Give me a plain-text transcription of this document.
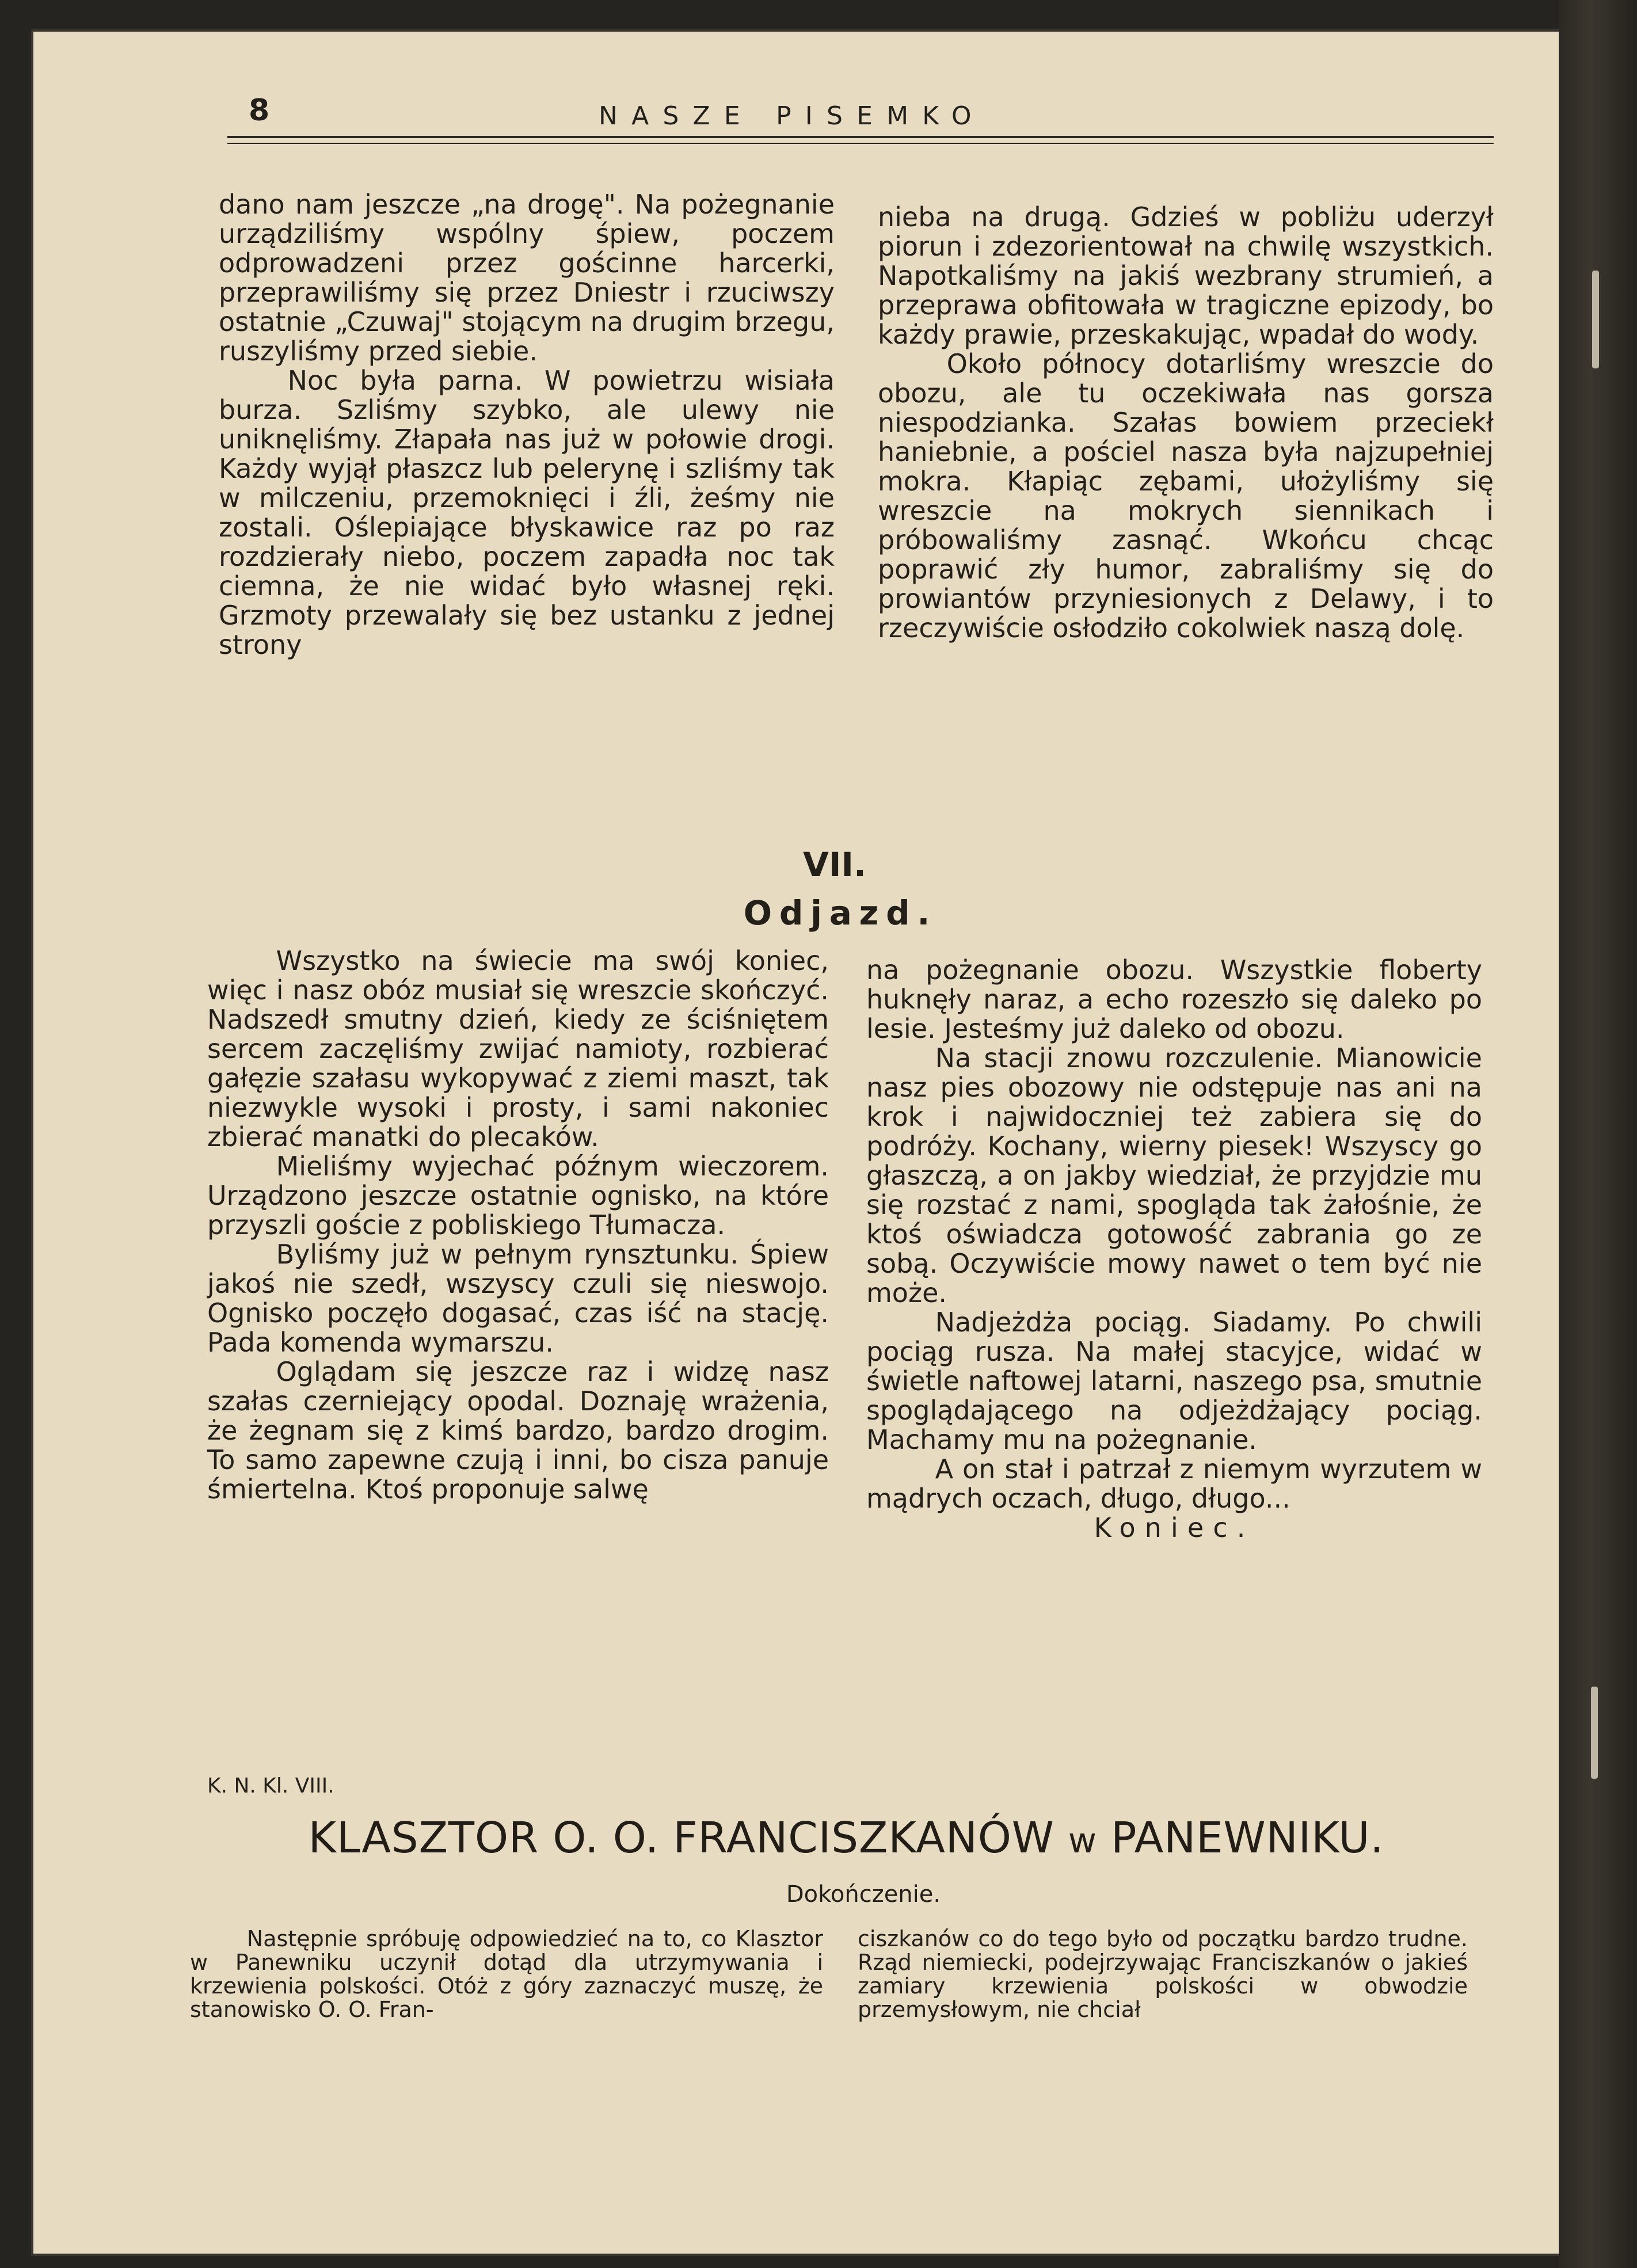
8	NASZE PISEMKO

dano nam jeszcze „na drogę". Na pożegnanie urządziliśmy wspólny śpiew, poczem odprowadzeni przez gościnne harcerki, przeprawiliśmy się przez Dniestr i rzuciwszy ostatnie „Czuwaj" stojącym na drugim brzegu, ruszyliśmy przed siebie.

Noc była parna. W powietrzu wisiała burza. Szliśmy szybko, ale ulewy nie uniknęliśmy. Złapała nas już w połowie drogi. Każdy wyjął płaszcz lub pelerynę i szliśmy tak w milczeniu, przemoknięci i źli, żeśmy nie zostali. Oślepiające błyskawice raz po raz rozdzierały niebo, poczem zapadła noc tak ciemna, że nie widać było własnej ręki. Grzmoty przewalały się bez ustanku z jednej strony

nieba na drugą. Gdzieś w pobliżu uderzył piorun i zdezorientował na chwilę wszystkich. Napotkaliśmy na jakiś wezbrany strumień, a przeprawa obfitowała w tragiczne epizody, bo każdy prawie, przeskakując, wpadał do wody.

Około północy dotarliśmy wreszcie do obozu, ale tu oczekiwała nas gorsza niespodzianka. Szałas bowiem przeciekł haniebnie, a pościel nasza była najzupełniej mokra. Kłapiąc zębami, ułożyliśmy się wreszcie na mokrych siennikach i próbowaliśmy zasnąć. Wkońcu chcąc poprawić zły humor, zabraliśmy się do prowiantów przyniesionych z Delawy, i to rzeczywiście osłodziło cokolwiek naszą dolę.

VII.
Odjazd.

Wszystko na świecie ma swój koniec, więc i nasz obóz musiał się wreszcie skończyć. Nadszedł smutny dzień, kiedy ze ściśniętem sercem zaczęliśmy zwijać namioty, rozbierać gałęzie szałasu wykopywać z ziemi maszt, tak niezwykle wysoki i prosty, i sami nakoniec zbierać manatki do plecaków.

Mieliśmy wyjechać późnym wieczorem. Urządzono jeszcze ostatnie ognisko, na które przyszli goście z pobliskiego Tłumacza.

Byliśmy już w pełnym rynsztunku. Śpiew jakoś nie szedł, wszyscy czuli się nieswojo. Ognisko poczęło dogasać, czas iść na stację. Pada komenda wymarszu.

Oglądam się jeszcze raz i widzę nasz szałas czerniejący opodal. Doznaję wrażenia, że żegnam się z kimś bardzo, bardzo drogim. To samo zapewne czują i inni, bo cisza panuje śmiertelna. Ktoś proponuje salwę

na pożegnanie obozu. Wszystkie floberty huknęły naraz, a echo rozeszło się daleko po lesie. Jesteśmy już daleko od obozu.

Na stacji znowu rozczulenie. Mianowicie nasz pies obozowy nie odstępuje nas ani na krok i najwidoczniej też zabiera się do podróży. Kochany, wierny piesek! Wszyscy go głaszczą, a on jakby wiedział, że przyjdzie mu się rozstać z nami, spogląda tak żałośnie, że ktoś oświadcza gotowość zabrania go ze sobą. Oczywiście mowy nawet o tem być nie może.

Nadjeżdża pociąg. Siadamy. Po chwili pociąg rusza. Na małej stacyjce, widać w świetle naftowej latarni, naszego psa, smutnie spoglądającego na odjeżdżający pociąg. Machamy mu na pożegnanie.

A on stał i patrzał z niemym wyrzutem w mądrych oczach, długo, długo...

Koniec.

K. N. Kl. VIII.
KLASZTOR O. O. FRANCISZKANÓW w PANEWNIKU.
Dokończenie.

Następnie spróbuję odpowiedzieć na to, co Klasztor w Panewniku uczynił dotąd dla utrzymywania i krzewienia polskości. Otóż z góry zaznaczyć muszę, że stanowisko O. O. Fran-

ciszkanów co do tego było od początku bardzo trudne. Rząd niemiecki, podejrzywając Franciszkanów o jakieś zamiary krzewienia polskości w obwodzie przemysłowym, nie chciał
